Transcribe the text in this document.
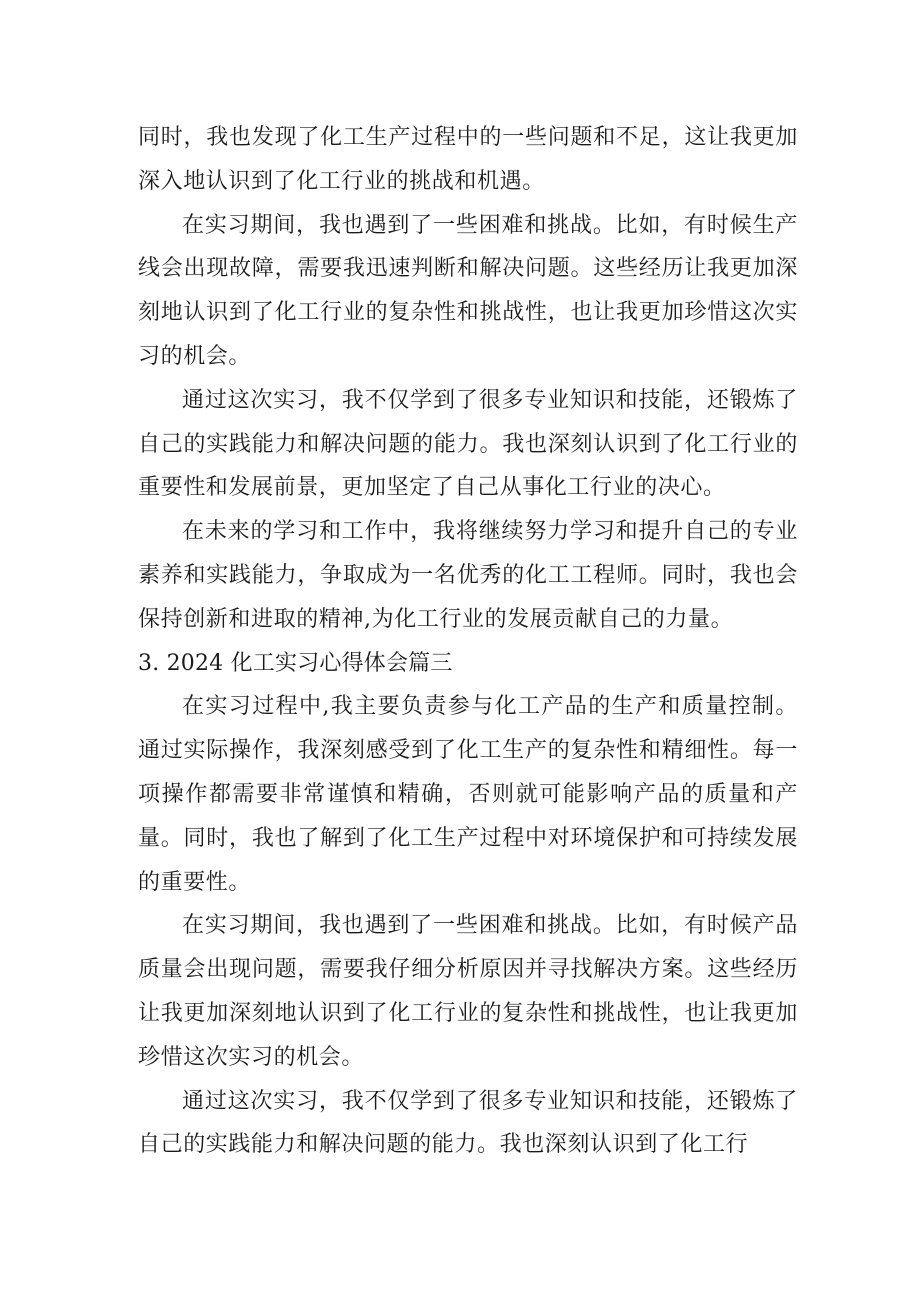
同时，我也发现了化工生产过程中的一些问题和不足，这让我更加深入地认识到了化工行业的挑战和机遇。

在实习期间，我也遇到了一些困难和挑战。比如，有时候生产线会出现故障，需要我迅速判断和解决问题。这些经历让我更加深刻地认识到了化工行业的复杂性和挑战性，也让我更加珍惜这次实习的机会。

通过这次实习，我不仅学到了很多专业知识和技能，还锻炼了自己的实践能力和解决问题的能力。我也深刻认识到了化工行业的重要性和发展前景，更加坚定了自己从事化工行业的决心。

在未来的学习和工作中，我将继续努力学习和提升自己的专业素养和实践能力，争取成为一名优秀的化工工程师。同时，我也会保持创新和进取的精神,为化工行业的发展贡献自己的力量。

3. 2024 化工实习心得体会篇三

在实习过程中,我主要负责参与化工产品的生产和质量控制。通过实际操作，我深刻感受到了化工生产的复杂性和精细性。每一项操作都需要非常谨慎和精确，否则就可能影响产品的质量和产量。同时，我也了解到了化工生产过程中对环境保护和可持续发展的重要性。

在实习期间，我也遇到了一些困难和挑战。比如，有时候产品质量会出现问题，需要我仔细分析原因并寻找解决方案。这些经历让我更加深刻地认识到了化工行业的复杂性和挑战性，也让我更加珍惜这次实习的机会。

通过这次实习，我不仅学到了很多专业知识和技能，还锻炼了自己的实践能力和解决问题的能力。我也深刻认识到了化工行
